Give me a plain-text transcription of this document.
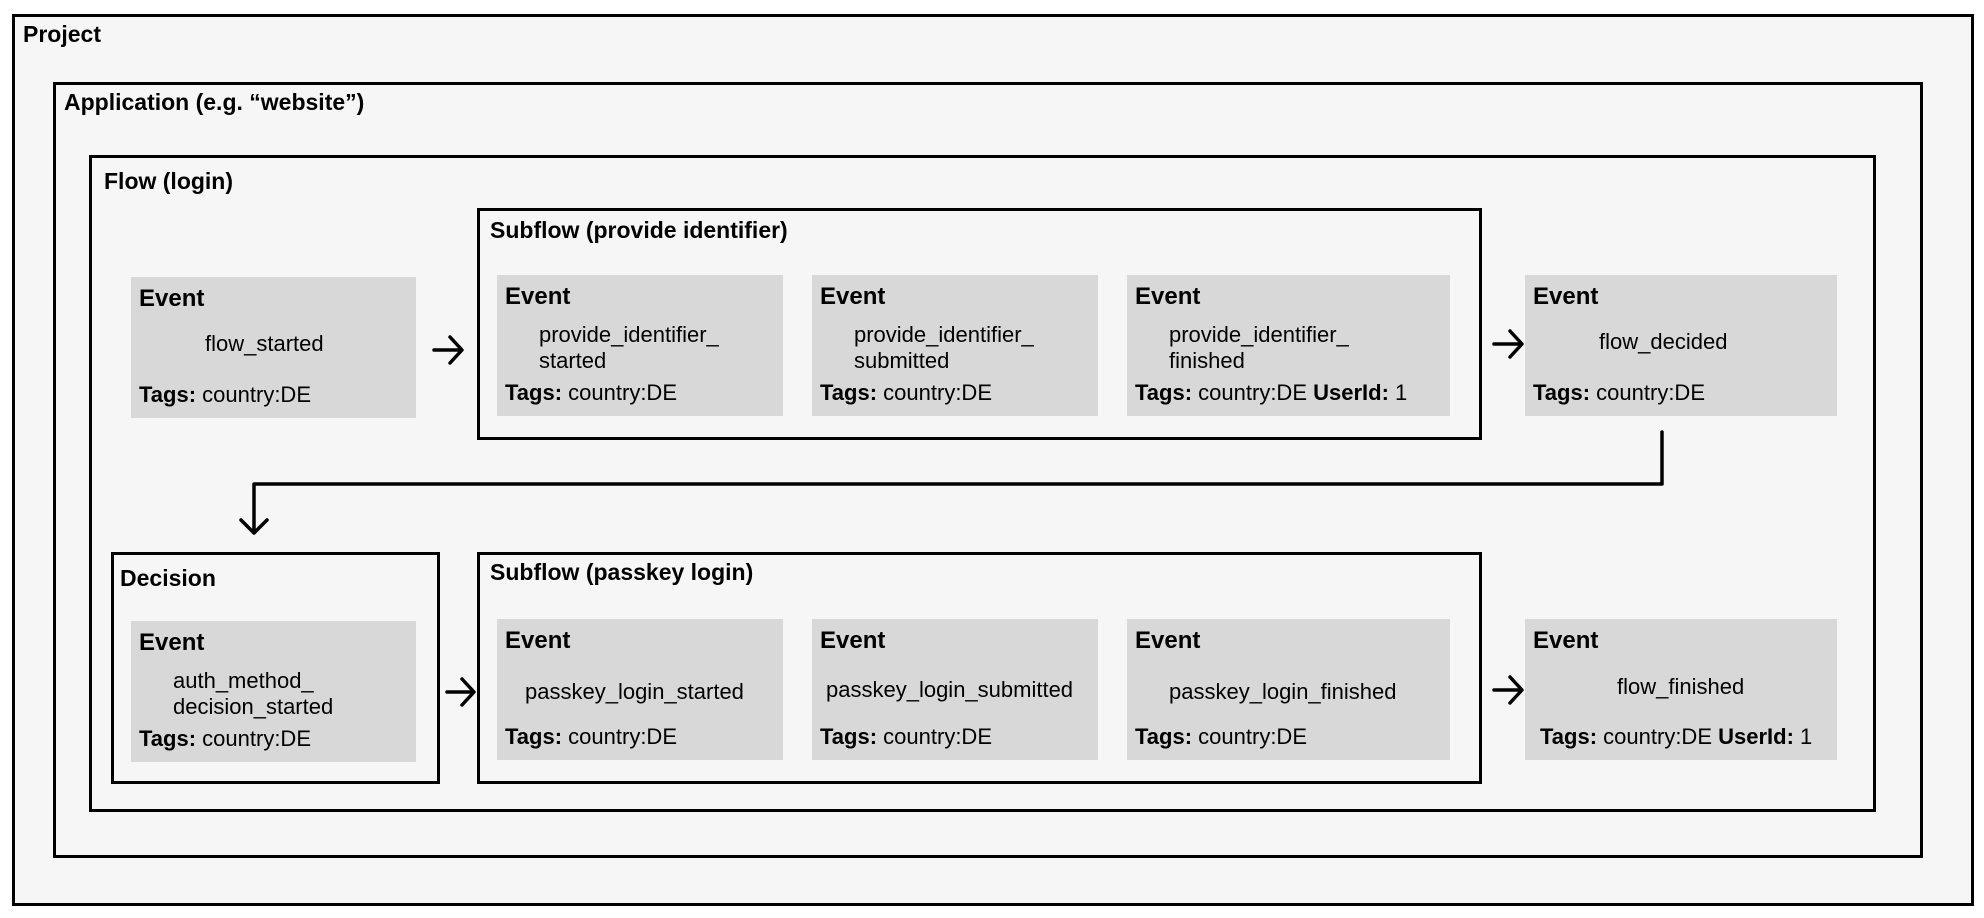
Project
Application (e.g. “website”)
Flow (login)
Subflow (provide identifier)
Decision	Subflow (passkey login)
Event
flow_started
Tags: country:DE
Event
provide_identifier_
started
Tags: country:DE
Event
provide_identifier_
submitted
Tags: country:DE
Event
provide_identifier_
finished
Tags: country:DE UserId: 1
Event
flow_decided
Tags: country:DE
Event
auth_method_
decision_started
Tags: country:DE
Event
passkey_login_started
Tags: country:DE
Event
passkey_login_submitted
Tags: country:DE
Event
passkey_login_finished
Tags: country:DE
Event
flow_finished
Tags: country:DE UserId: 1
